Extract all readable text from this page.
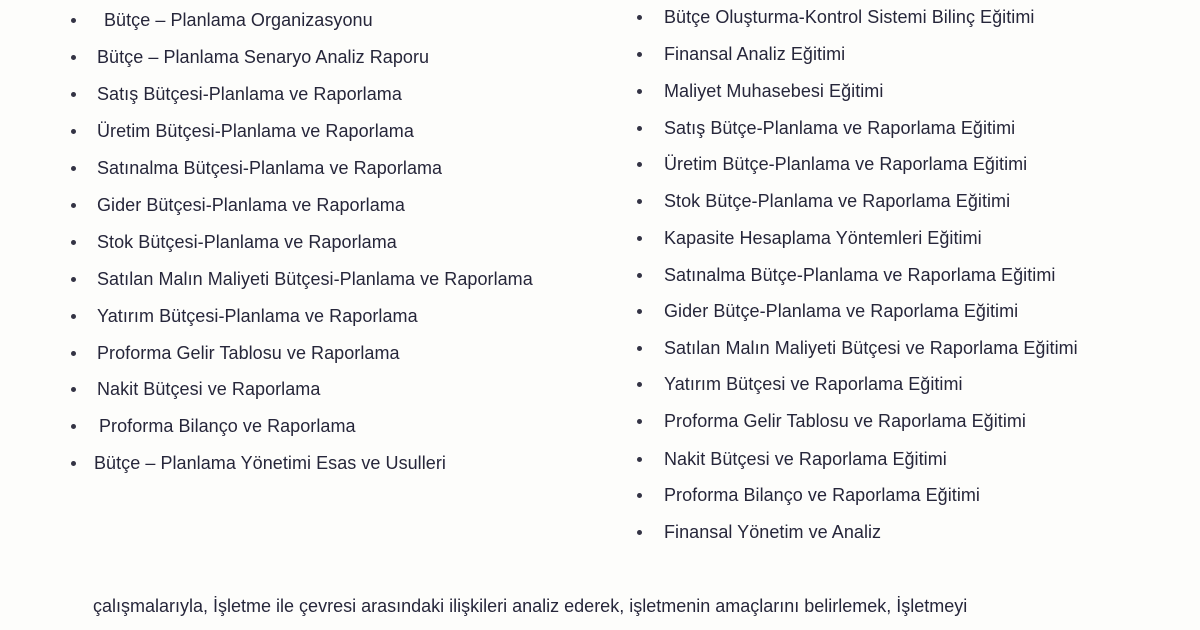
Bütçe – Planlama Organizasyonu
Bütçe – Planlama Senaryo Analiz Raporu
Satış Bütçesi-Planlama ve Raporlama
Üretim Bütçesi-Planlama ve Raporlama
Satınalma Bütçesi-Planlama ve Raporlama
Gider Bütçesi-Planlama ve Raporlama
Stok Bütçesi-Planlama ve Raporlama
Satılan Malın Maliyeti Bütçesi-Planlama ve Raporlama
Yatırım Bütçesi-Planlama ve Raporlama
Proforma Gelir Tablosu ve Raporlama
Nakit Bütçesi ve Raporlama
Proforma Bilanço ve Raporlama
Bütçe – Planlama Yönetimi Esas ve Usulleri
Bütçe Oluşturma-Kontrol Sistemi Bilinç Eğitimi
Finansal Analiz Eğitimi
Maliyet Muhasebesi Eğitimi
Satış Bütçe-Planlama ve Raporlama Eğitimi
Üretim Bütçe-Planlama ve Raporlama Eğitimi
Stok Bütçe-Planlama ve Raporlama Eğitimi
Kapasite Hesaplama Yöntemleri Eğitimi
Satınalma Bütçe-Planlama ve Raporlama Eğitimi
Gider Bütçe-Planlama ve Raporlama Eğitimi
Satılan Malın Maliyeti Bütçesi ve Raporlama Eğitimi
Yatırım Bütçesi ve Raporlama Eğitimi
Proforma Gelir Tablosu ve Raporlama Eğitimi
Nakit Bütçesi ve Raporlama Eğitimi
Proforma Bilanço ve Raporlama Eğitimi
Finansal Yönetim ve Analiz

çalışmalarıyla, İşletme ile çevresi arasındaki ilişkileri analiz ederek, işletmenin amaçlarını belirlemek, İşletmeyi
